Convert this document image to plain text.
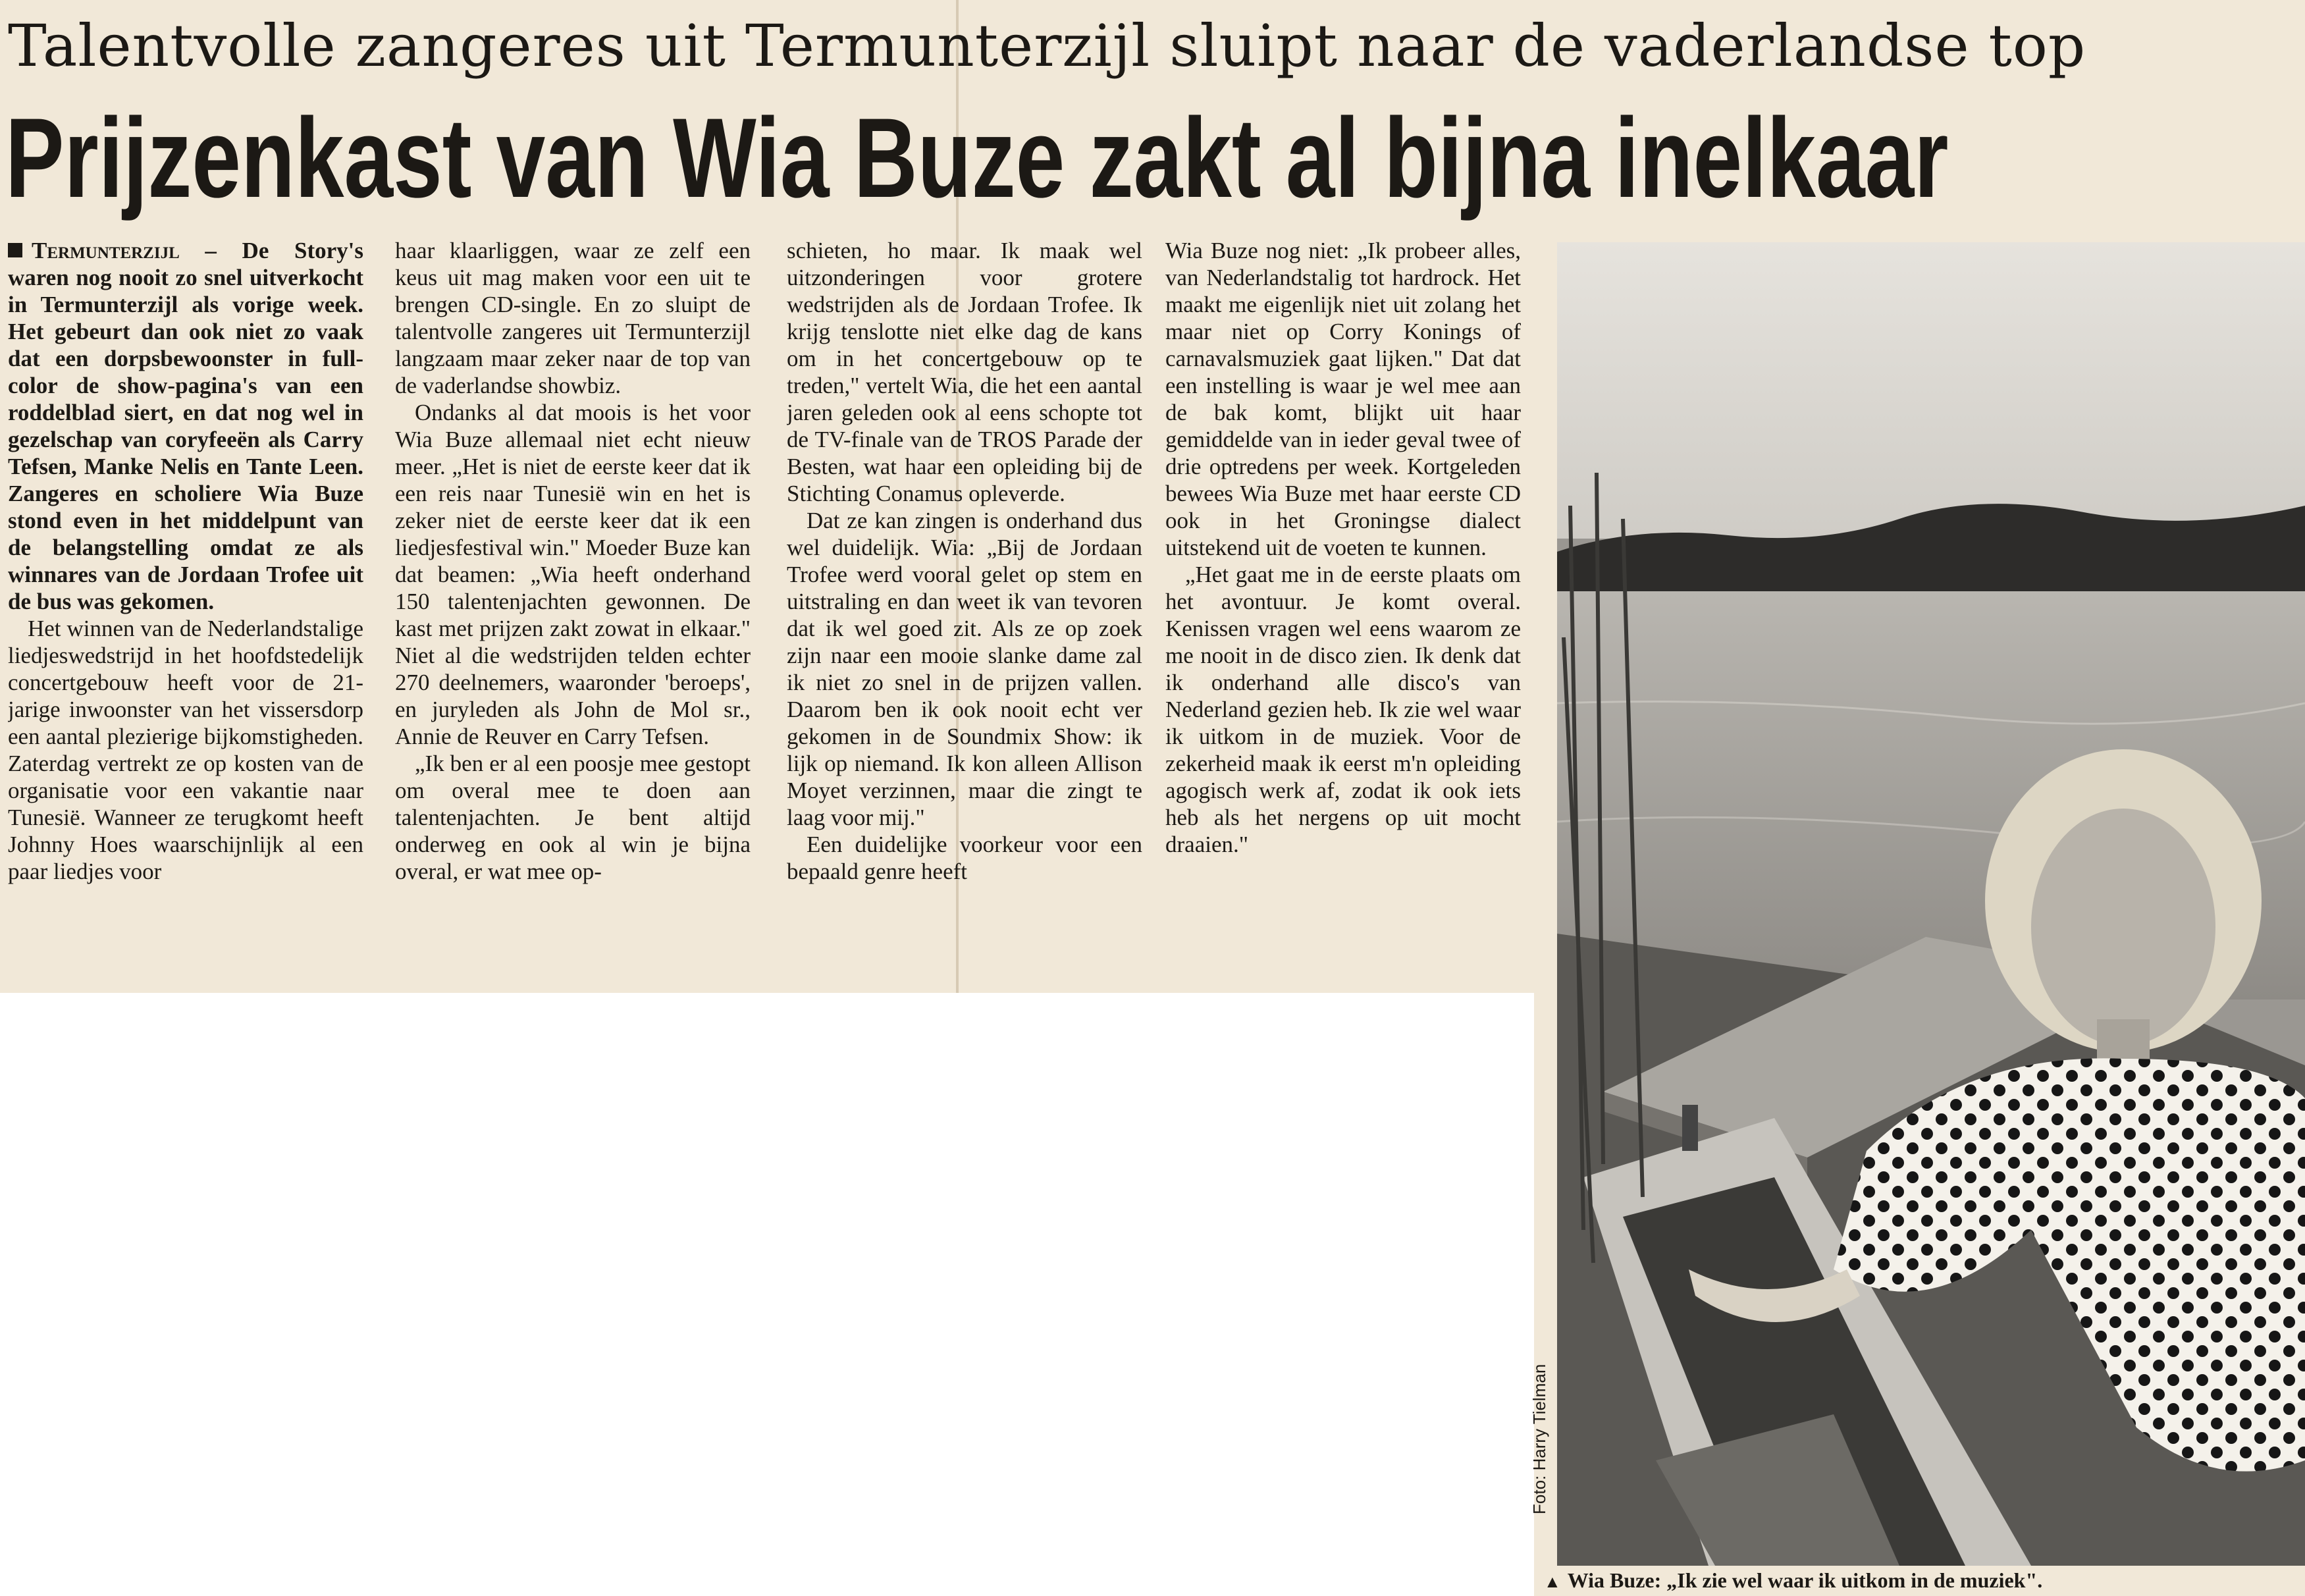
Talentvolle zangeres uit Termunterzijl sluipt naar de vaderlandse top
Prijzenkast van Wia Buze zakt al bijna inelkaar

Termunterzijl – De Story's waren nog nooit zo snel uitverkocht in Termunterzijl als vorige week. Het gebeurt dan ook niet zo vaak dat een dorpsbewoonster in full-color de show-pagina's van een roddelblad siert, en dat nog wel in gezelschap van coryfeeën als Carry Tefsen, Manke Nelis en Tante Leen. Zangeres en scholiere Wia Buze stond even in het middelpunt van de belangstelling omdat ze als winnares van de Jordaan Trofee uit de bus was gekomen.

Het winnen van de Nederlandstalige liedjeswedstrijd in het hoofdstedelijk concertgebouw heeft voor de 21-jarige inwoonster van het vissersdorp een aantal plezierige bijkomstigheden. Zaterdag vertrekt ze op kosten van de organisatie voor een vakantie naar Tunesië. Wanneer ze terugkomt heeft Johnny Hoes waarschijnlijk al een paar liedjes voor

haar klaarliggen, waar ze zelf een keus uit mag maken voor een uit te brengen CD-single. En zo sluipt de talentvolle zangeres uit Termunterzijl langzaam maar zeker naar de top van de vaderlandse showbiz.

Ondanks al dat moois is het voor Wia Buze allemaal niet echt nieuw meer. „Het is niet de eerste keer dat ik een reis naar Tunesië win en het is zeker niet de eerste keer dat ik een liedjesfestival win." Moeder Buze kan dat beamen: „Wia heeft onderhand 150 talentenjachten gewonnen. De kast met prijzen zakt zowat in elkaar." Niet al die wedstrijden telden echter 270 deelnemers, waaronder 'beroeps', en juryleden als John de Mol sr., Annie de Reuver en Carry Tefsen.

„Ik ben er al een poosje mee gestopt om overal mee te doen aan talentenjachten. Je bent altijd onderweg en ook al win je bijna overal, er wat mee op-

schieten, ho maar. Ik maak wel uitzonderingen voor grotere wedstrijden als de Jordaan Trofee. Ik krijg tenslotte niet elke dag de kans om in het concertgebouw op te treden," vertelt Wia, die het een aantal jaren geleden ook al eens schopte tot de TV-finale van de TROS Parade der Besten, wat haar een opleiding bij de Stichting Conamus opleverde.

Dat ze kan zingen is onderhand dus wel duidelijk. Wia: „Bij de Jordaan Trofee werd vooral gelet op stem en uitstraling en dan weet ik van tevoren dat ik wel goed zit. Als ze op zoek zijn naar een mooie slanke dame zal ik niet zo snel in de prijzen vallen. Daarom ben ik ook nooit echt ver gekomen in de Soundmix Show: ik lijk op niemand. Ik kon alleen Allison Moyet verzinnen, maar die zingt te laag voor mij."

Een duidelijke voorkeur voor een bepaald genre heeft

Wia Buze nog niet: „Ik probeer alles, van Nederlandstalig tot hardrock. Het maakt me eigenlijk niet uit zolang het maar niet op Corry Konings of carnavalsmuziek gaat lijken." Dat dat een instelling is waar je wel mee aan de bak komt, blijkt uit haar gemiddelde van in ieder geval twee of drie optredens per week. Kortgeleden bewees Wia Buze met haar eerste CD ook in het Groningse dialect uitstekend uit de voeten te kunnen.

„Het gaat me in de eerste plaats om het avontuur. Je komt overal. Kenissen vragen wel eens waarom ze me nooit in de disco zien. Ik denk dat ik onderhand alle disco's van Nederland gezien heb. Ik zie wel waar ik uitkom in de muziek. Voor de zekerheid maak ik eerst m'n opleiding agogisch werk af, zodat ik ook iets heb als het nergens op uit mocht draaien."

Foto: Harry Tielman
▲ Wia Buze: „Ik zie wel waar ik uitkom in de muziek".
